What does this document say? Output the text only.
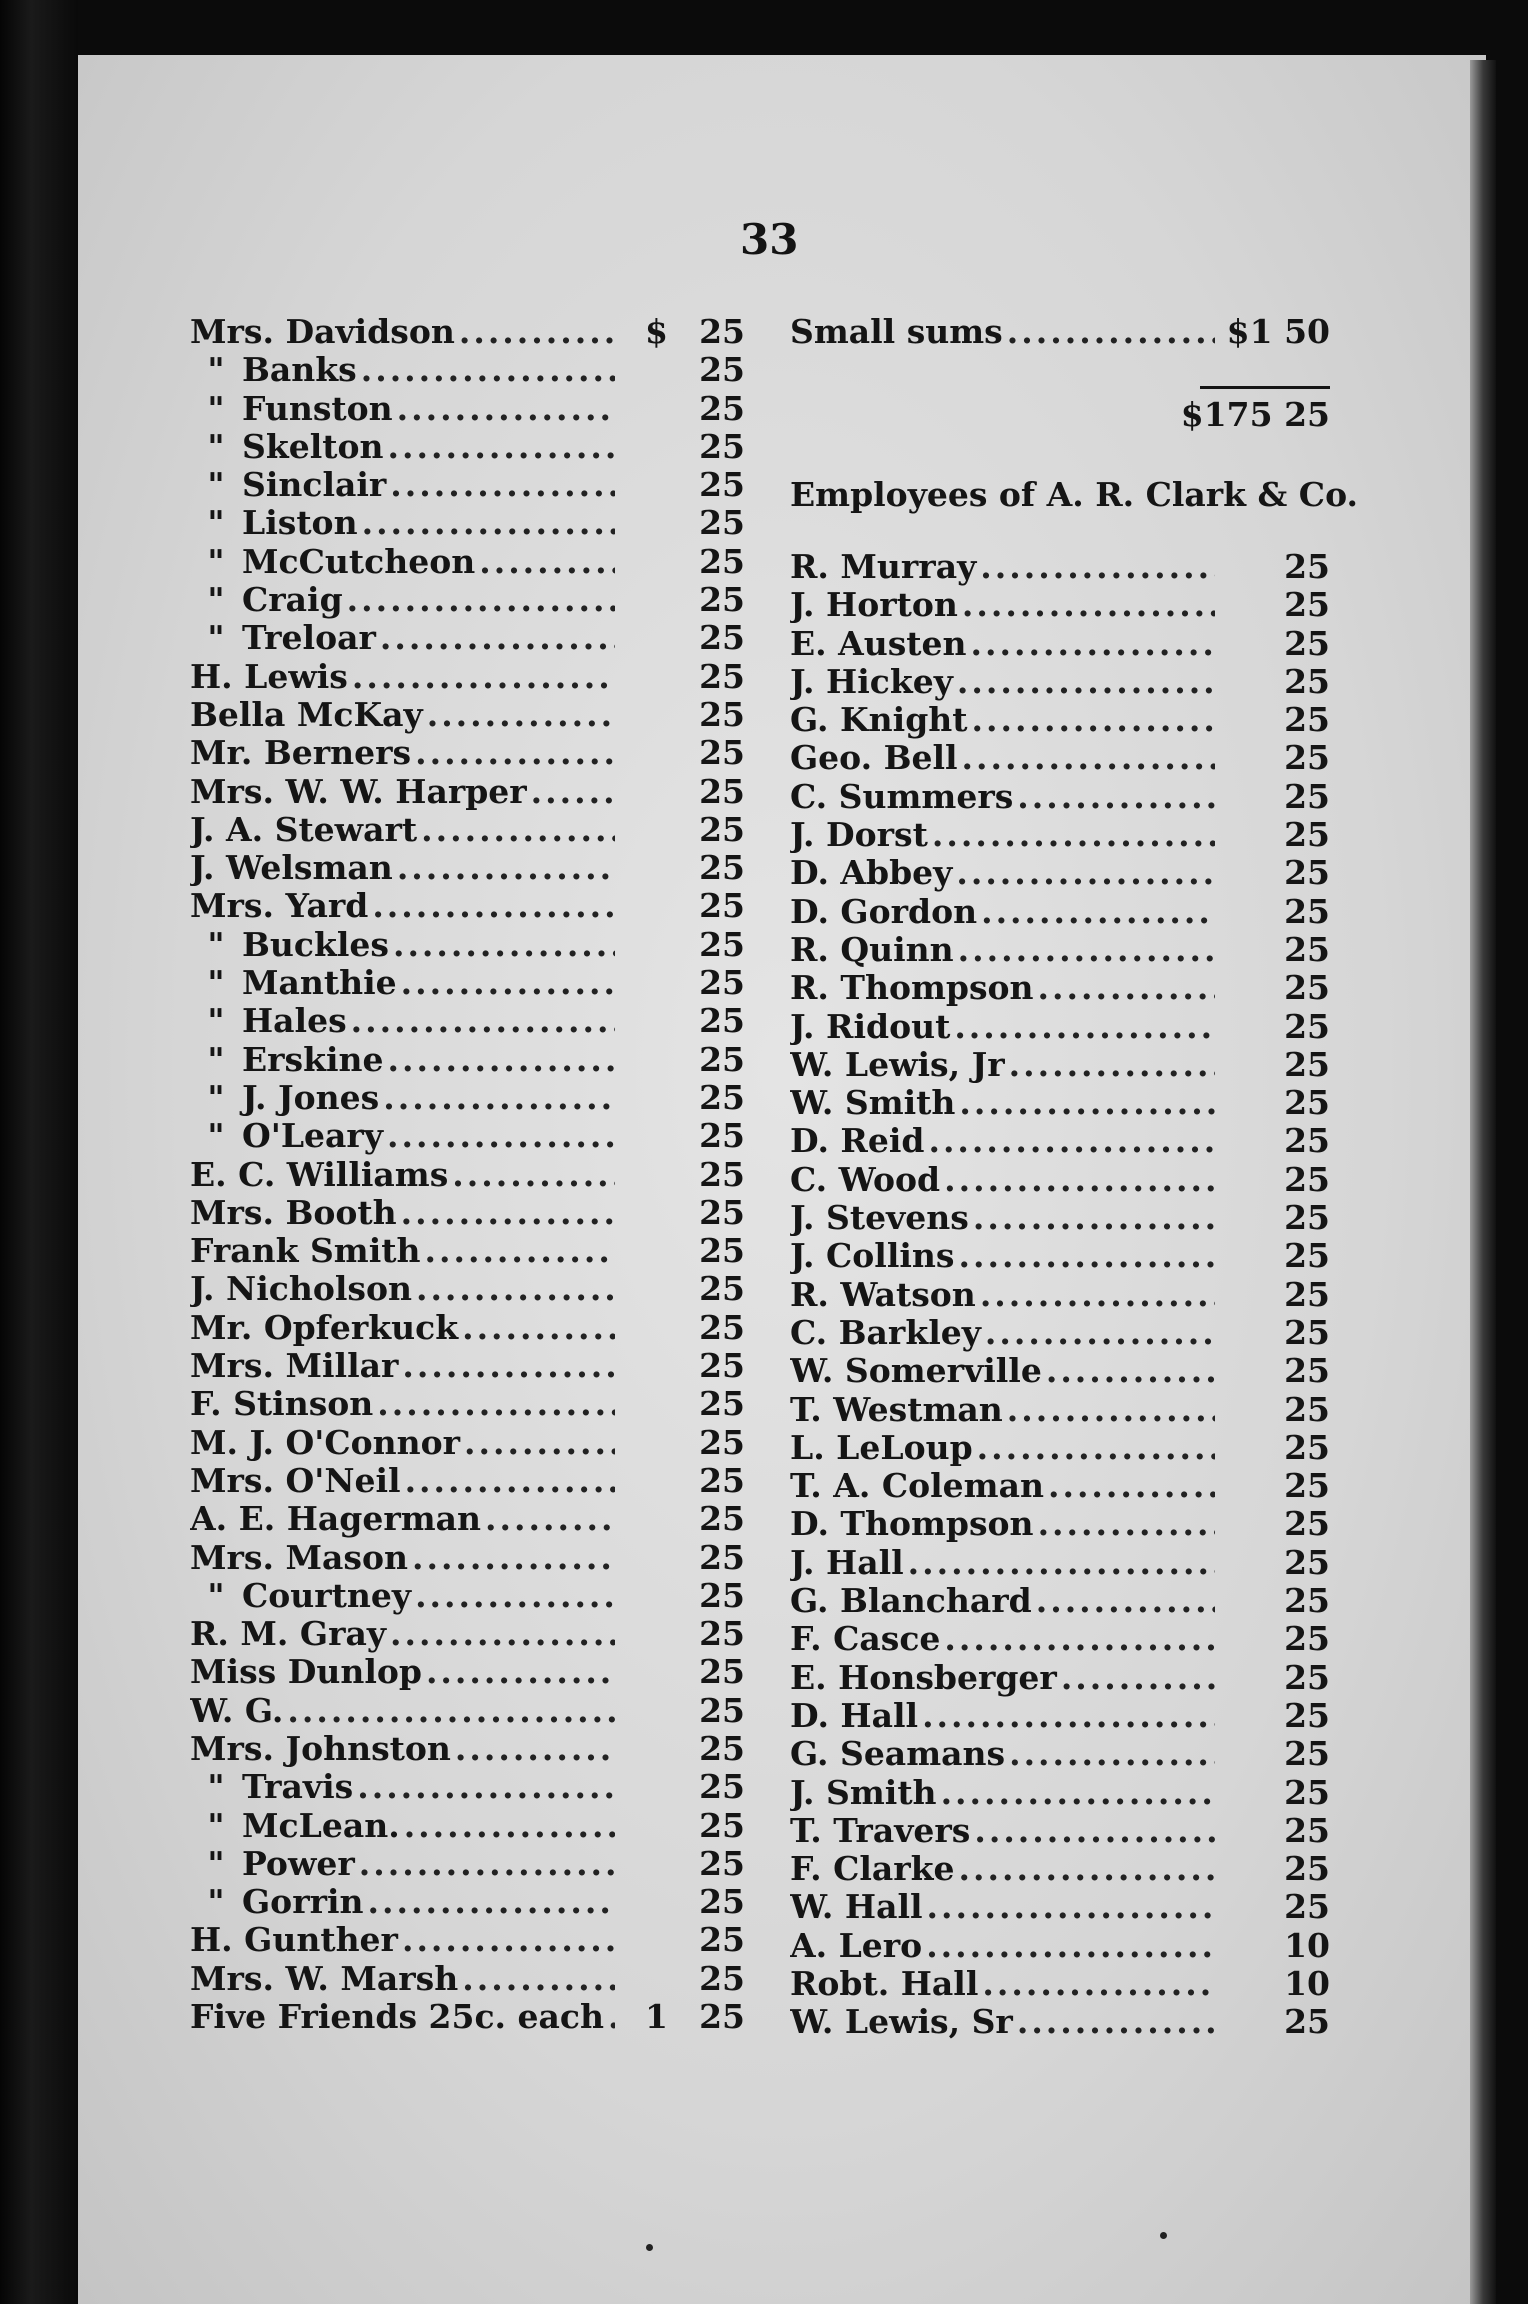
33
Mrs. Davidson .....	$ 25
" Banks .....	25
" Funston .....	25
" Skelton .....	25
" Sinclair .....	25
" Liston .....	25
" McCutcheon .....	25
" Craig .....	25
" Treloar .....	25
H. Lewis .....	25
Bella McKay .....	25
Mr. Berners .....	25
Mrs. W. W. Harper .....	25
J. A. Stewart .....	25
J. Welsman .....	25
Mrs. Yard .....	25
" Buckles .....	25
" Manthie .....	25
" Hales .....	25
" Erskine .....	25
" J. Jones .....	25
" O'Leary .....	25
E. C. Williams .....	25
Mrs. Booth .....	25
Frank Smith .....	25
J. Nicholson .....	25
Mr. Opferkuck .....	25
Mrs. Millar .....	25
F. Stinson .....	25
M. J. O'Connor .....	25
Mrs. O'Neil .....	25
A. E. Hagerman .....	25
Mrs. Mason .....	25
" Courtney .....	25
R. M. Gray .....	25
Miss Dunlop .....	25
W. G. .....	25
Mrs. Johnston .....	25
" Travis .....	25
" McLean. .....	25
" Power .....	25
" Gorrin .....	25
H. Gunther .....	25
Mrs. W. Marsh .....	25
Five Friends 25c. each ..... 1 25
Small sums .....	$1 50
$175 25
Employees of A. R. Clark & Co.
R. Murray .....	25
J. Horton .....	25
E. Austen .....	25
J. Hickey .....	25
G. Knight .....	25
Geo. Bell .....	25
C. Summers .....	25
J. Dorst .....	25
D. Abbey .....	25
D. Gordon .....	25
R. Quinn .....	25
R. Thompson .....	25
J. Ridout .....	25
W. Lewis, Jr .....	25
W. Smith .....	25
D. Reid .....	25
C. Wood .....	25
J. Stevens .....	25
J. Collins .....	25
R. Watson .....	25
C. Barkley .....	25
W. Somerville .....	25
T. Westman .....	25
L. LeLoup .....	25
T. A. Coleman .....	25
D. Thompson .....	25
J. Hall .....	25
G. Blanchard .....	25
F. Casce .....	25
E. Honsberger .....	25
D. Hall .....	25
G. Seamans .....	25
J. Smith .....	25
T. Travers .....	25
F. Clarke .....	25
W. Hall .....	25
A. Lero .....	10
Robt. Hall .....	10
W. Lewis, Sr .....	25
